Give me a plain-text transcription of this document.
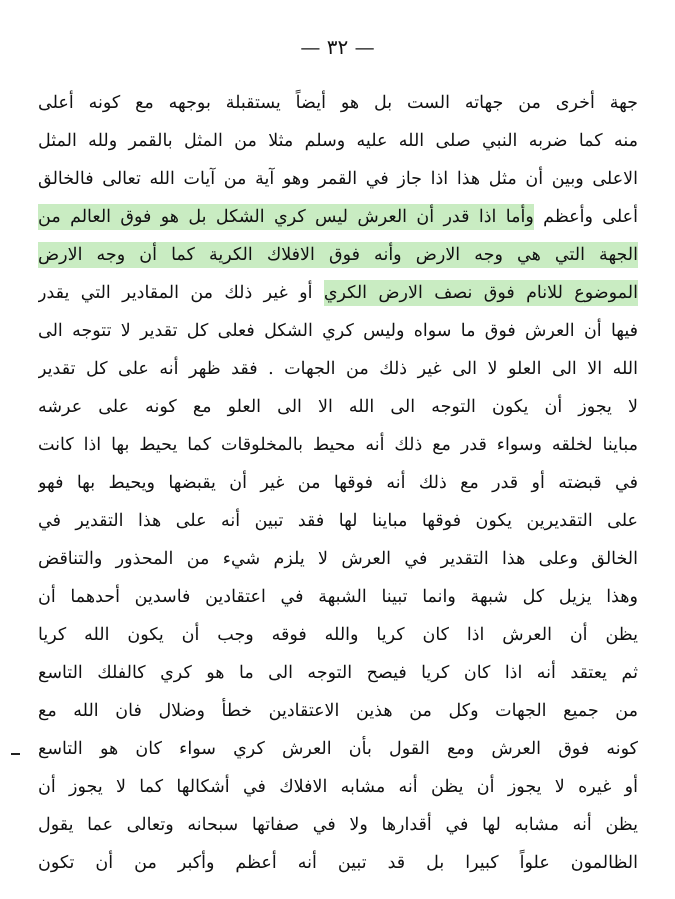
— ٣٢ —
جهة أخرى من جهاته الست بل هو أيضاً يستقبلة بوجهه مع كونه أعلى
منه كما ضربه النبي صلى الله عليه وسلم مثلا من المثل بالقمر ولله المثل
الاعلى وبين أن مثل هذا اذا جاز في القمر وهو آية من آيات الله تعالى فالخالق
أعلى وأعظم وأما اذا قدر أن العرش ليس كري الشكل بل هو فوق العالم من
الجهة التي هي وجه الارض وأنه فوق الافلاك الكرية كما أن وجه الارض
الموضوع للانام فوق نصف الارض الكري أو غير ذلك من المقادير التي يقدر
فيها أن العرش فوق ما سواه وليس كري الشكل فعلى كل تقدير لا تتوجه الى
الله الا الى العلو لا الى غير ذلك من الجهات . فقد ظهر أنه على كل تقدير
لا يجوز أن يكون التوجه الى الله الا الى العلو مع كونه على عرشه
مباينا لخلقه وسواء قدر مع ذلك أنه محيط بالمخلوقات كما يحيط بها اذا كانت
في قبضته أو قدر مع ذلك أنه فوقها من غير أن يقبضها ويحيط بها فهو
على التقديرين يكون فوقها مباينا لها فقد تبين أنه على هذا التقدير في
الخالق وعلى هذا التقدير في العرش لا يلزم شيء من المحذور والتناقض
وهذا يزيل كل شبهة وانما تبينا الشبهة في اعتقادين فاسدين أحدهما أن
يظن أن العرش اذا كان كريا والله فوقه وجب أن يكون الله كريا
ثم يعتقد أنه اذا كان كريا فيصح التوجه الى ما هو كري كالفلك التاسع
من جميع الجهات وكل من هذين الاعتقادين خطأ وضلال فان الله مع
كونه فوق العرش ومع القول بأن العرش كري سواء كان هو التاسع
أو غيره لا يجوز أن يظن أنه مشابه الافلاك في أشكالها كما لا يجوز أن
يظن أنه مشابه لها في أقدارها ولا في صفاتها سبحانه وتعالى عما يقول
الظالمون علواً كبيرا بل قد تبين أنه أعظم وأكبر من أن تكون
